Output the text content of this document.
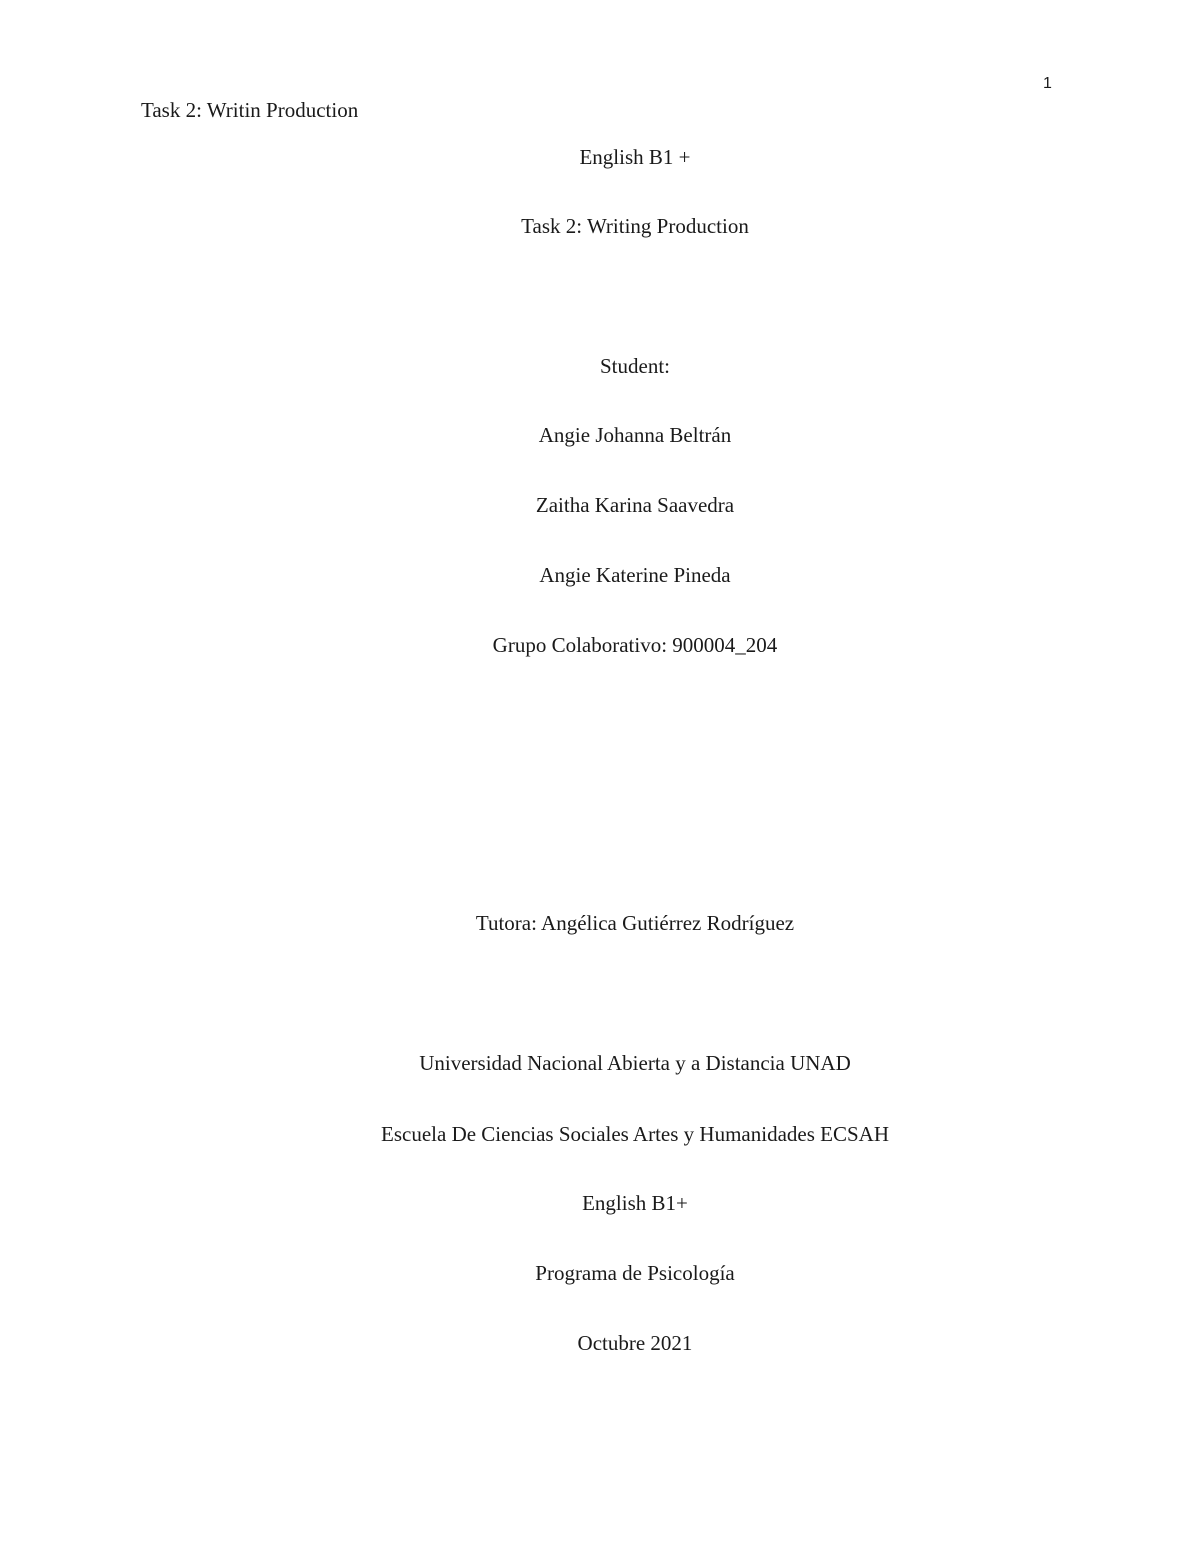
Task 2: Writin Production
1
English B1 +
Task 2: Writing Production
Student:
Angie Johanna Beltrán
Zaitha Karina Saavedra
Angie Katerine Pineda
Grupo Colaborativo: 900004_204
Tutora: Angélica Gutiérrez Rodríguez
Universidad Nacional Abierta y a Distancia UNAD
Escuela De Ciencias Sociales Artes y Humanidades ECSAH
English B1+
Programa de Psicología
Octubre 2021
